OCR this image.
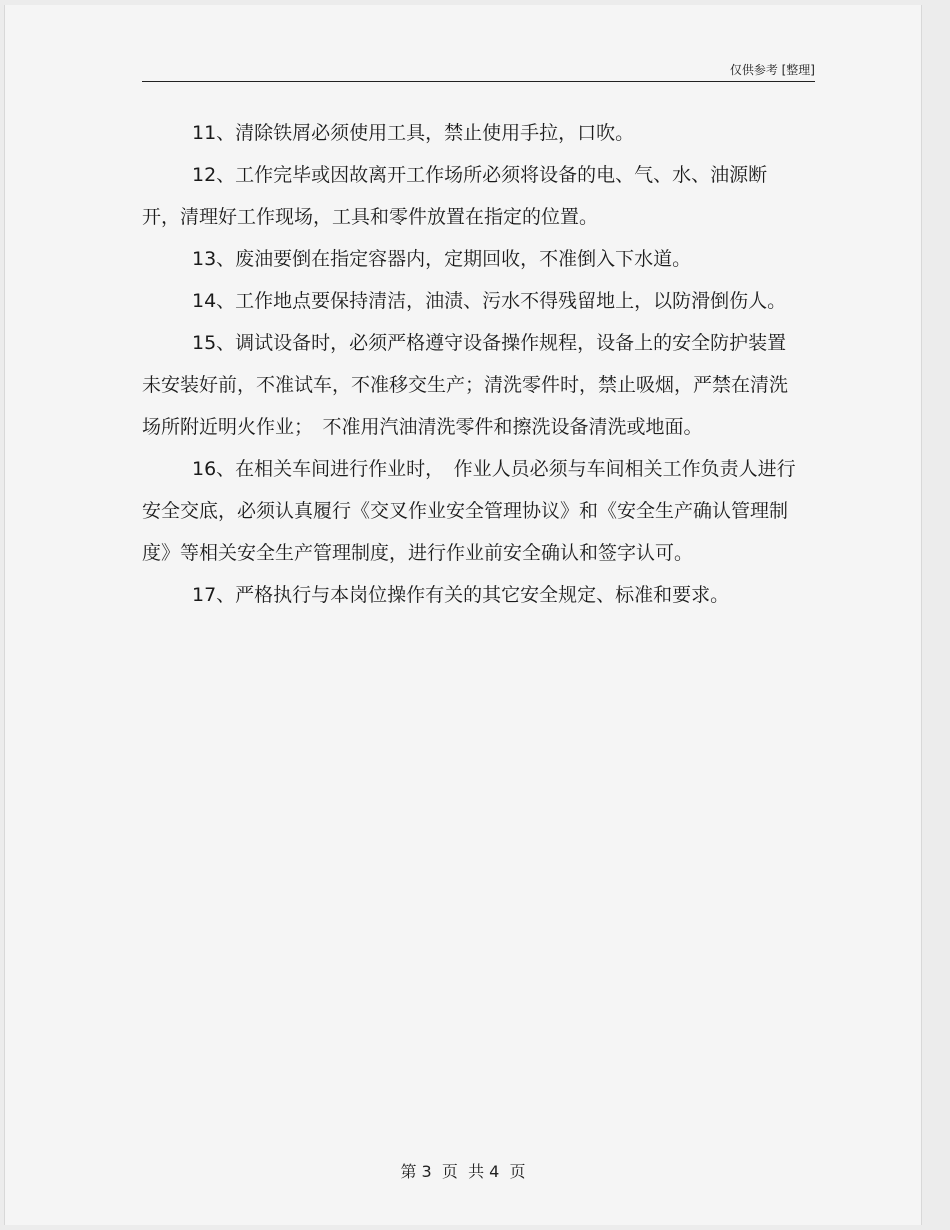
仅供参考 [整理]

11、清除铁屑必须使用工具，禁止使用手拉，口吹。

12、工作完毕或因故离开工作场所必须将设备的电、气、水、油源断开，清理好工作现场，工具和零件放置在指定的位置。

13、废油要倒在指定容器内，定期回收，不准倒入下水道。

14、工作地点要保持清洁，油渍、污水不得残留地上，以防滑倒伤人。

15、调试设备时，必须严格遵守设备操作规程，设备上的安全防护装置未安装好前，不准试车，不准移交生产；清洗零件时，禁止吸烟，严禁在清洗场所附近明火作业；　不准用汽油清洗零件和擦洗设备清洗或地面。

16、在相关车间进行作业时，　作业人员必须与车间相关工作负责人进行安全交底，必须认真履行《交叉作业安全管理协议》和《安全生产确认管理制度》等相关安全生产管理制度，进行作业前安全确认和签字认可。

17、严格执行与本岗位操作有关的其它安全规定、标准和要求。

第 3  页  共 4  页
